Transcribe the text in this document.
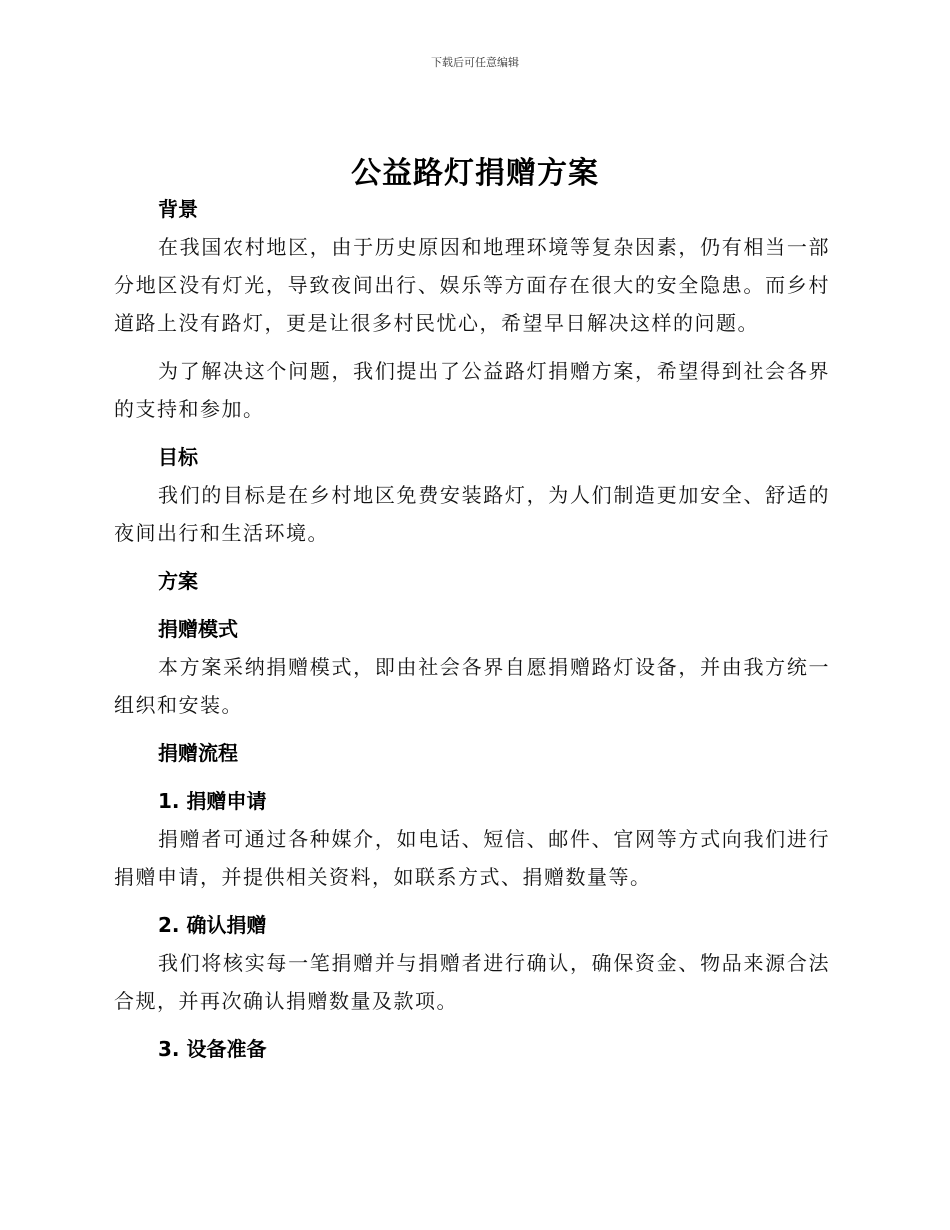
下载后可任意编辑
公益路灯捐赠方案

背景

在我国农村地区，由于历史原因和地理环境等复杂因素，仍有相当一部分地区没有灯光，导致夜间出行、娱乐等方面存在很大的安全隐患。而乡村道路上没有路灯，更是让很多村民忧心，希望早日解决这样的问题。

为了解决这个问题，我们提出了公益路灯捐赠方案，希望得到社会各界的支持和参加。

目标

我们的目标是在乡村地区免费安装路灯，为人们制造更加安全、舒适的夜间出行和生活环境。

方案

捐赠模式

本方案采纳捐赠模式，即由社会各界自愿捐赠路灯设备，并由我方统一组织和安装。

捐赠流程

1. 捐赠申请

捐赠者可通过各种媒介，如电话、短信、邮件、官网等方式向我们进行捐赠申请，并提供相关资料，如联系方式、捐赠数量等。

2. 确认捐赠

我们将核实每一笔捐赠并与捐赠者进行确认，确保资金、物品来源合法合规，并再次确认捐赠数量及款项。

3. 设备准备
